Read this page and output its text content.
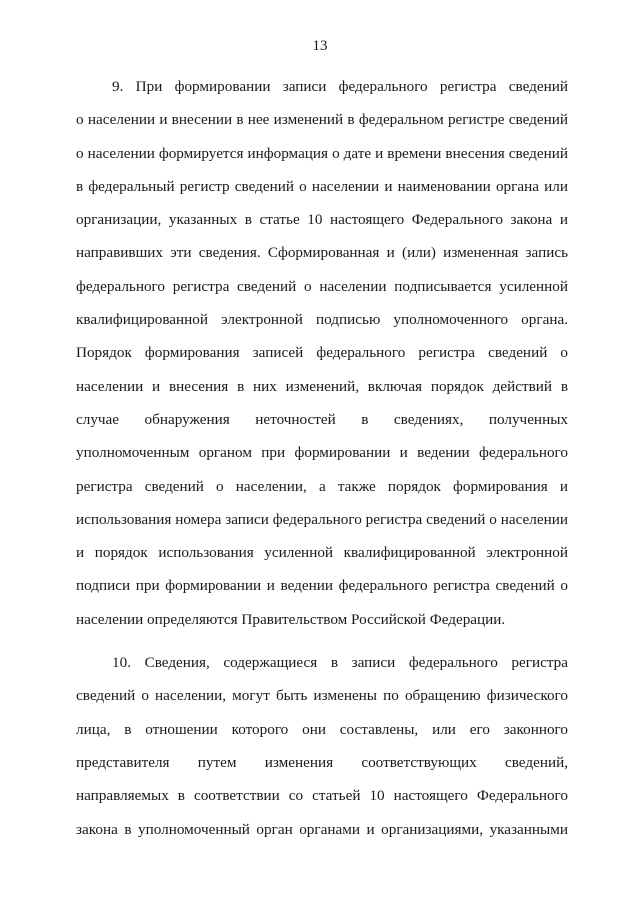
13
9. При формировании записи федерального регистра сведений
о населении и внесении в нее изменений в федеральном регистре сведений
о населении формируется информация о дате и времени внесения сведений
в федеральный регистр сведений о населении и наименовании органа или
организации, указанных в статье 10 настоящего Федерального закона и
направивших эти сведения. Сформированная и (или) измененная запись
федерального регистра сведений о населении подписывается усиленной
квалифицированной электронной подписью уполномоченного органа.
Порядок формирования записей федерального регистра сведений о
населении и внесения в них изменений, включая порядок действий в
случае обнаружения неточностей в сведениях, полученных
уполномоченным органом при формировании и ведении федерального
регистра сведений о населении, а также порядок формирования и
использования номера записи федерального регистра сведений о населении
и порядок использования усиленной квалифицированной электронной
подписи при формировании и ведении федерального регистра сведений о
населении определяются Правительством Российской Федерации.
10. Сведения, содержащиеся в записи федерального регистра
сведений о населении, могут быть изменены по обращению физического
лица, в отношении которого они составлены, или его законного
представителя путем изменения соответствующих сведений,
направляемых в соответствии со статьей 10 настоящего Федерального
закона в уполномоченный орган органами и организациями, указанными
